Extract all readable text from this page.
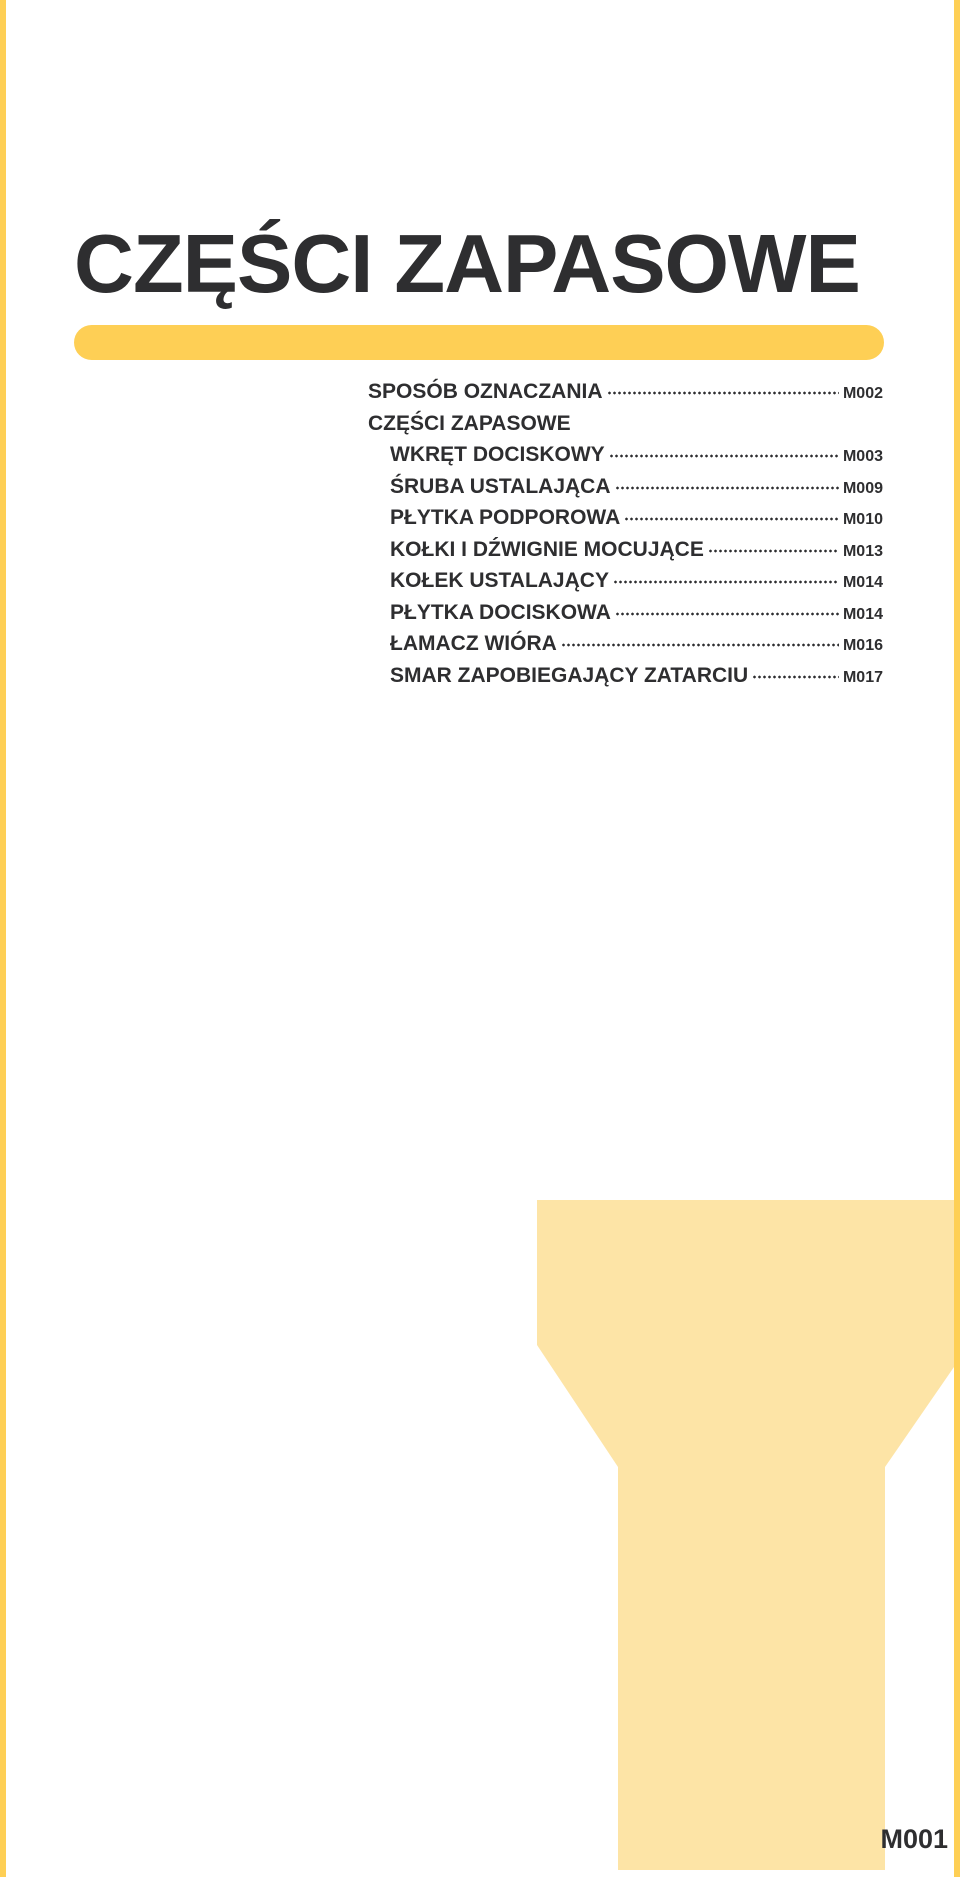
CZĘŚCI ZAPASOWE
SPOSÓB OZNACZANIA	M002
CZĘŚCI ZAPASOWE
WKRĘT DOCISKOWY	M003
ŚRUBA USTALAJĄCA	M009
PŁYTKA PODPOROWA	M010
KOŁKI I DŹWIGNIE MOCUJĄCE	M013
KOŁEK USTALAJĄCY	M014
PŁYTKA DOCISKOWA	M014
ŁAMACZ WIÓRA	M016
SMAR ZAPOBIEGAJĄCY ZATARCIU	M017
M001
